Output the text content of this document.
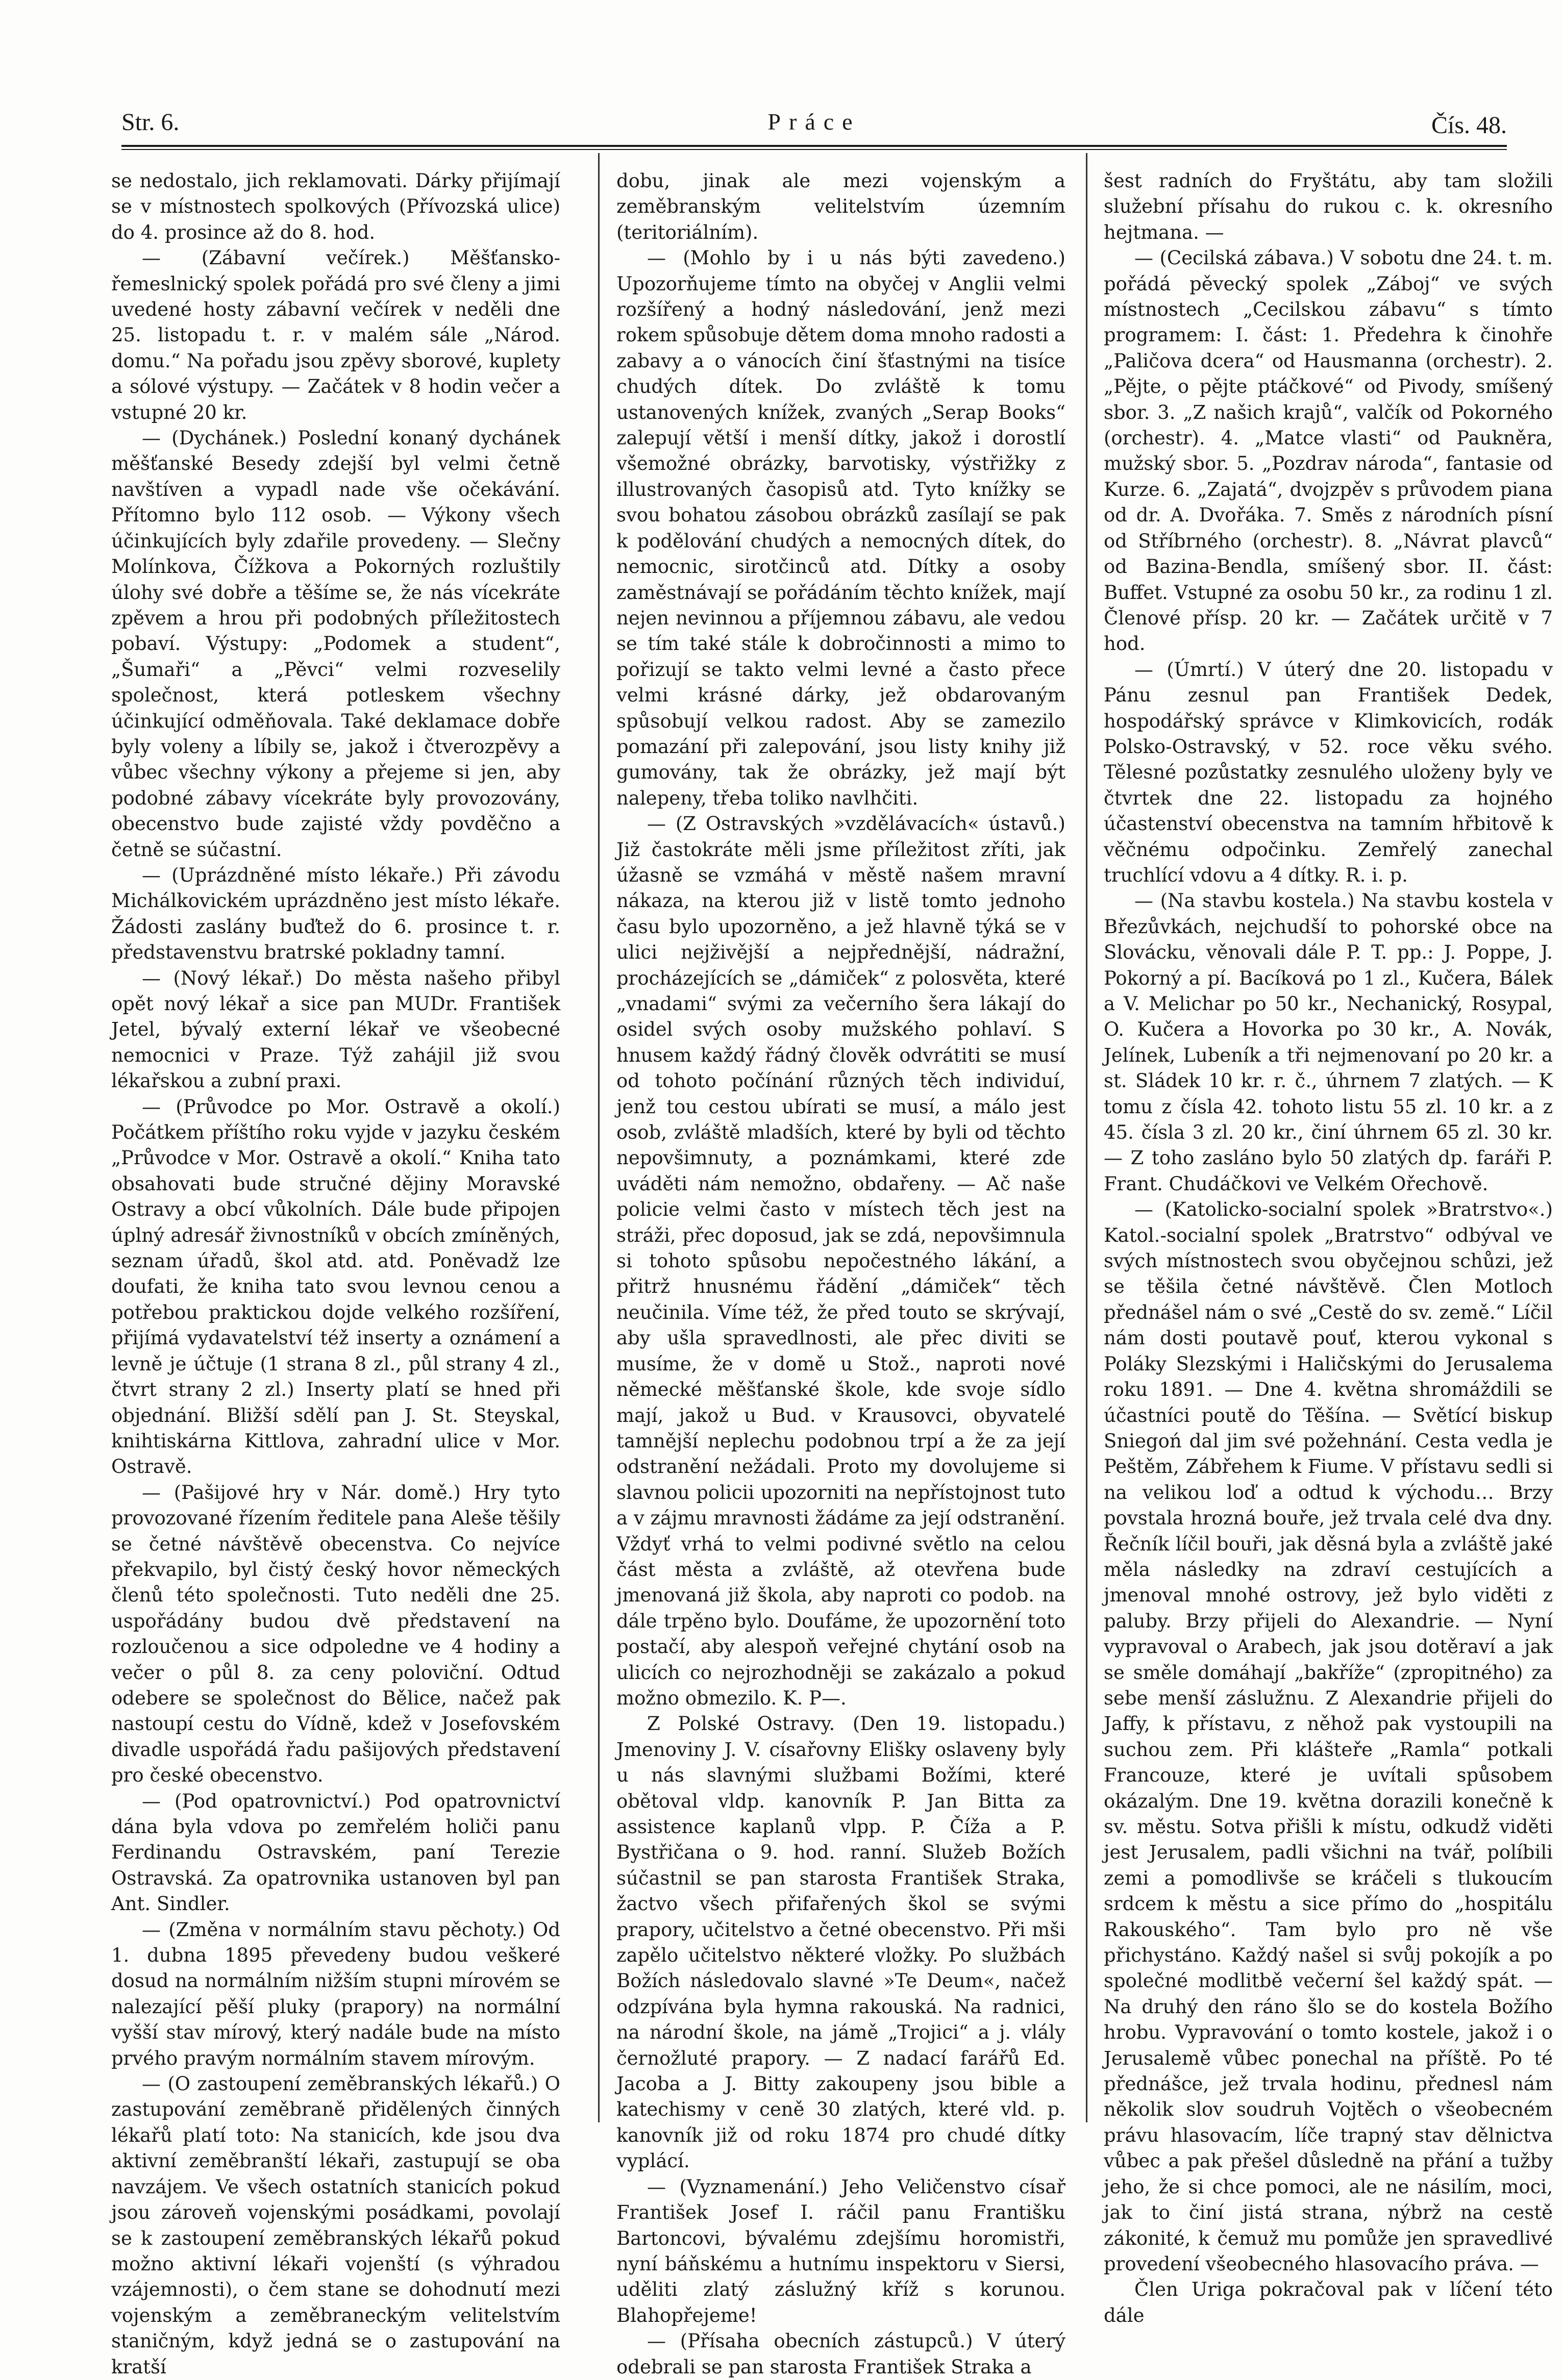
Str. 6.	Práce	Čís. 48.

se nedostalo, jich reklamovati. Dárky přijímají se v místnostech spolkových (Přívozská ulice) do 4. prosince až do 8. hod.

— (Zábavní večírek.) Měšťansko-řemeslnický spolek pořádá pro své členy a jimi uvedené hosty zábavní večírek v neděli dne 25. listopadu t. r. v malém sále „Národ. domu.“ Na pořadu jsou zpěvy sborové, kuplety a sólové výstupy. — Začátek v 8 hodin večer a vstupné 20 kr.

— (Dychánek.) Poslední konaný dychánek měšťanské Besedy zdejší byl velmi četně navštíven a vypadl nade vše očekávání. Přítomno bylo 112 osob. — Výkony všech účinkujících byly zdařile provedeny. — Slečny Molínkova, Čížkova a Pokorných rozluštily úlohy své dobře a těšíme se, že nás vícekráte zpěvem a hrou při podobných příležitostech pobaví. Výstupy: „Podomek a student“, „Šumaři“ a „Pěvci“ velmi rozveselily společnost, která potleskem všechny účinkující odměňovala. Také deklamace dobře byly voleny a líbily se, jakož i čtverozpěvy a vůbec všechny výkony a přejeme si jen, aby podobné zábavy vícekráte byly provozovány, obecenstvo bude zajisté vždy povděčno a četně se súčastní.

— (Uprázdněné místo lékaře.) Při závodu Michálkovickém uprázdněno jest místo lékaře. Žádosti zaslány buďtež do 6. prosince t. r. představenstvu bratrské pokladny tamní.

— (Nový lékař.) Do města našeho přibyl opět nový lékař a sice pan MUDr. František Jetel, bývalý externí lékař ve všeobecné nemocnici v Praze. Týž zahájil již svou lékařskou a zubní praxi.

— (Průvodce po Mor. Ostravě a okolí.) Počátkem příštího roku vyjde v jazyku českém „Průvodce v Mor. Ostravě a okolí.“ Kniha tato obsahovati bude stručné dějiny Moravské Ostravy a obcí vůkolních. Dále bude připojen úplný adresář živnostníků v obcích zmíněných, seznam úřadů, škol atd. atd. Poněvadž lze doufati, že kniha tato svou levnou cenou a potřebou praktickou dojde velkého rozšíření, přijímá vydavatelství též inserty a oznámení a levně je účtuje (1 strana 8 zl., půl strany 4 zl., čtvrt strany 2 zl.) Inserty platí se hned při objednání. Bližší sdělí pan J. St. Steyskal, knihtiskárna Kittlova, zahradní ulice v Mor. Ostravě.

— (Pašijové hry v Nár. domě.) Hry tyto provozované řízením ředitele pana Aleše těšily se četné návštěvě obecenstva. Co nejvíce překvapilo, byl čistý český hovor německých členů této společnosti. Tuto neděli dne 25. uspořádány budou dvě představení na rozloučenou a sice odpoledne ve 4 hodiny a večer o půl 8. za ceny poloviční. Odtud odebere se společnost do Bělice, načež pak nastoupí cestu do Vídně, kdež v Josefovském divadle uspořádá řadu pašijových představení pro české obecenstvo.

— (Pod opatrovnictví.) Pod opatrovnictví dána byla vdova po zemřelém holiči panu Ferdinandu Ostravském, paní Terezie Ostravská. Za opatrovnika ustanoven byl pan Ant. Sindler.

— (Změna v normálním stavu pěchoty.) Od 1. dubna 1895 převedeny budou veškeré dosud na normálním nižším stupni mírovém se nalezající pěší pluky (prapory) na normální vyšší stav mírový, který nadále bude na místo prvého pravým normálním stavem mírovým.

— (O zastoupení zeměbranských lékařů.) O zastupování zeměbraně přidělených činných lékařů platí toto: Na stanicích, kde jsou dva aktivní zeměbranští lékaři, zastupují se oba navzájem. Ve všech ostatních stanicích pokud jsou zároveň vojenskými posádkami, povolají se k zastoupení zeměbranských lékařů pokud možno aktivní lékaři vojenští (s výhradou vzájemnosti), o čem stane se dohodnutí mezi vojenským a zeměbraneckým velitelstvím staničným, když jedná se o zastupování na kratší

dobu, jinak ale mezi vojenským a zeměbranským velitelstvím územním (teritoriálním).

— (Mohlo by i u nás býti zavedeno.) Upozorňujeme tímto na obyčej v Anglii velmi rozšířený a hodný následování, jenž mezi rokem spůsobuje dětem doma mnoho radosti a zabavy a o vánocích činí šťastnými na tisíce chudých dítek. Do zvláště k tomu ustanovených knížek, zvaných „Serap Books“ zalepují větší i menší dítky, jakož i dorostlí všemožné obrázky, barvotisky, výstřižky z illustrovaných časopisů atd. Tyto knížky se svou bohatou zásobou obrázků zasílají se pak k podělování chudých a nemocných dítek, do nemocnic, sirotčinců atd. Dítky a osoby zaměstnávají se pořádáním těchto knížek, mají nejen nevinnou a příjemnou zábavu, ale vedou se tím také stále k dobročinnosti a mimo to pořizují se takto velmi levné a často přece velmi krásné dárky, jež obdarovaným spůsobují velkou radost. Aby se zamezilo pomazání při zalepování, jsou listy knihy již gumovány, tak že obrázky, jež mají být nalepeny, třeba toliko navlhčiti.

— (Z Ostravských »vzdělávacích« ústavů.) Již častokráte měli jsme příležitost zříti, jak úžasně se vzmáhá v městě našem mravní nákaza, na kterou již v listě tomto jednoho času bylo upozorněno, a jež hlavně týká se v ulici nejživější a nejpřednější, nádražní, procházejících se „dámiček“ z polosvěta, které „vnadami“ svými za večerního šera lákají do osidel svých osoby mužského pohlaví. S hnusem každý řádný člověk odvrátiti se musí od tohoto počínání různých těch individuí, jenž tou cestou ubírati se musí, a málo jest osob, zvláště mladších, které by byli od těchto nepovšimnuty, a poznámkami, které zde uváděti nám nemožno, obdařeny. — Ač naše policie velmi často v místech těch jest na stráži, přec doposud, jak se zdá, nepovšimnula si tohoto spůsobu nepočestného lákání, a přitrž hnusnému řádění „dámiček“ těch neučinila. Víme též, že před touto se skrývají, aby ušla spravedlnosti, ale přec diviti se musíme, že v domě u Stož., naproti nové německé měšťanské škole, kde svoje sídlo mají, jakož u Bud. v Krausovci, obyvatelé tamnější neplechu podobnou trpí a že za její odstranění nežádali. Proto my dovolujeme si slavnou policii upozorniti na nepřístojnost tuto a v zájmu mravnosti žádáme za její odstranění. Vždyť vrhá to velmi podivné světlo na celou část města a zvláště, až otevřena bude jmenovaná již škola, aby naproti co podob. na dále trpěno bylo. Doufáme, že upozornění toto postačí, aby alespoň veřejné chytání osob na ulicích co nejrozhodněji se zakázalo a pokud možno obmezilo. K. P—.

Z Polské Ostravy. (Den 19. listopadu.) Jmenoviny J. V. císařovny Elišky oslaveny byly u nás slavnými službami Božími, které obětoval vldp. kanovník P. Jan Bitta za assistence kaplanů vlpp. P. Číža a P. Bystřičana o 9. hod. ranní. Služeb Božích súčastnil se pan starosta František Straka, žactvo všech přifařených škol se svými prapory, učitelstvo a četné obecenstvo. Při mši zapělo učitelstvo některé vložky. Po službách Božích následovalo slavné »Te Deum«, načež odzpívána byla hymna rakouská. Na radnici, na národní škole, na jámě „Trojici“ a j. vlály černožluté prapory. — Z nadací farářů Ed. Jacoba a J. Bitty zakoupeny jsou bible a katechismy v ceně 30 zlatých, které vld. p. kanovník již od roku 1874 pro chudé dítky vyplácí.

— (Vyznamenání.) Jeho Veličenstvo císař František Josef I. ráčil panu Františku Bartoncovi, bývalému zdejšímu horomistři, nyní báňskému a hutnímu inspektoru v Siersi, uděliti zlatý záslužný kříž s korunou. Blahopřejeme!

— (Přísaha obecních zástupců.) V úterý odebrali se pan starosta František Straka a

šest radních do Fryštátu, aby tam složili služební přísahu do rukou c. k. okresního hejtmana. —

— (Cecilská zábava.) V sobotu dne 24. t. m. pořádá pěvecký spolek „Záboj“ ve svých místnostech „Cecilskou zábavu“ s tímto programem: I. část: 1. Předehra k činohře „Paličova dcera“ od Hausmanna (orchestr). 2. „Pějte, o pějte ptáčkové“ od Pivody, smíšený sbor. 3. „Z našich krajů“, valčík od Pokorného (orchestr). 4. „Matce vlasti“ od Paukněra, mužský sbor. 5. „Pozdrav národa“, fantasie od Kurze. 6. „Zajatá“, dvojzpěv s průvodem piana od dr. A. Dvořáka. 7. Směs z národních písní od Stříbrného (orchestr). 8. „Návrat plavců“ od Bazina-Bendla, smíšený sbor. II. část: Buffet. Vstupné za osobu 50 kr., za rodinu 1 zl. Členové přísp. 20 kr. — Začátek určitě v 7 hod.

— (Úmrtí.) V úterý dne 20. listopadu v Pánu zesnul pan František Dedek, hospodářský správce v Klimkovicích, rodák Polsko-Ostravský, v 52. roce věku svého. Tělesné pozůstatky zesnulého uloženy byly ve čtvrtek dne 22. listopadu za hojného účastenství obecenstva na tamním hřbitově k věčnému odpočinku. Zemřelý zanechal truchlící vdovu a 4 dítky. R. i. p.

— (Na stavbu kostela.) Na stavbu kostela v Březůvkách, nejchudší to pohorské obce na Slovácku, věnovali dále P. T. pp.: J. Poppe, J. Pokorný a pí. Bacíková po 1 zl., Kučera, Bálek a V. Melichar po 50 kr., Nechanický, Rosypal, O. Kučera a Hovorka po 30 kr., A. Novák, Jelínek, Lubeník a tři nejmenovaní po 20 kr. a st. Sládek 10 kr. r. č., úhrnem 7 zlatých. — K tomu z čísla 42. tohoto listu 55 zl. 10 kr. a z 45. čísla 3 zl. 20 kr., činí úhrnem 65 zl. 30 kr. — Z toho zasláno bylo 50 zlatých dp. faráři P. Frant. Chudáčkovi ve Velkém Ořechově.

— (Katolicko-socialní spolek »Bratrstvo«.) Katol.-socialní spolek „Bratrstvo“ odbýval ve svých místnostech svou obyčejnou schůzi, jež se těšila četné návštěvě. Člen Motloch přednášel nám o své „Cestě do sv. země.“ Líčil nám dosti poutavě pouť, kterou vykonal s Poláky Slezskými i Haličskými do Jerusalema roku 1891. — Dne 4. května shromáždili se účastníci poutě do Těšína. — Světící biskup Sniegoń dal jim své požehnání. Cesta vedla je Peštěm, Zábřehem k Fiume. V přístavu sedli si na velikou loď a odtud k východu… Brzy povstala hrozná bouře, jež trvala celé dva dny. Řečník líčil bouři, jak děsná byla a zvláště jaké měla následky na zdraví cestujících a jmenoval mnohé ostrovy, jež bylo viděti z paluby. Brzy přijeli do Alexandrie. — Nyní vypravoval o Arabech, jak jsou dotěraví a jak se směle domáhají „bakříže“ (zpropitného) za sebe menší záslužnu. Z Alexandrie přijeli do Jaffy, k přístavu, z něhož pak vystoupili na suchou zem. Při klášteře „Ramla“ potkali Francouze, které je uvítali spůsobem okázalým. Dne 19. května dorazili konečně k sv. městu. Sotva přišli k místu, odkudž viděti jest Jerusalem, padli všichni na tvář, políbili zemi a pomodlivše se kráčeli s tlukoucím srdcem k městu a sice přímo do „hospitálu Rakouského“. Tam bylo pro ně vše přichystáno. Každý našel si svůj pokojík a po společné modlitbě večerní šel každý spát. — Na druhý den ráno šlo se do kostela Božího hrobu. Vypravování o tomto kostele, jakož i o Jerusalemě vůbec ponechal na příště. Po té přednášce, jež trvala hodinu, přednesl nám několik slov soudruh Vojtěch o všeobecném právu hlasovacím, líče trapný stav dělnictva vůbec a pak přešel důsledně na přání a tužby jeho, že si chce pomoci, ale ne násilím, moci, jak to činí jistá strana, nýbrž na cestě zákonité, k čemuž mu pomůže jen spravedlivé provedení všeobecného hlasovacího práva. —

Člen Uriga pokračoval pak v líčení této dále
